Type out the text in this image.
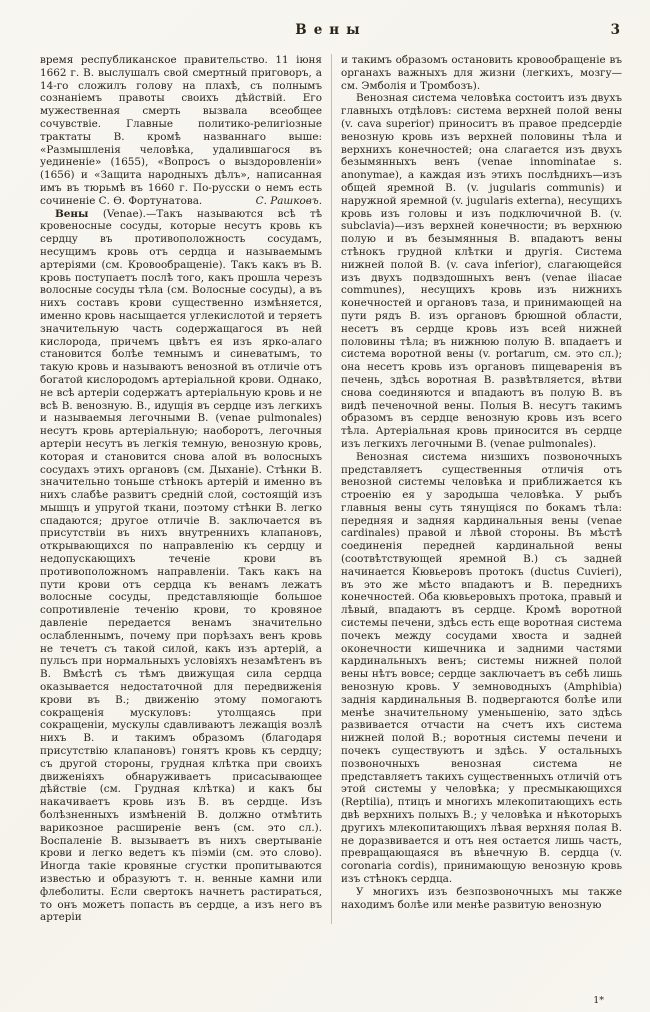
Вены	3

время республиканское правительство. 11 іюня 1662 г. В. выслушалъ свой смертный приговоръ, а 14-го сложилъ голову на плахѣ, съ полнымъ сознаніемъ правоты своихъ дѣйствій. Его мужественная смерть вызвала всеобщее сочувствіе. Главные политико-религіозные трактаты В. кромѣ названнаго выше: «Размышленія человѣка, удалившагося въ уединеніе» (1655), «Вопросъ о выздоровленіи» (1656) и «Защита народныхъ дѣлъ», написанная имъ въ тюрьмѣ въ 1660 г. По-русски о немъ есть сочиненіе С. Ѳ. Фортунатова.	С. Рашковъ.

Вены (Venae).—Такъ называются всѣ тѣ кровеносные сосуды, которые несутъ кровь къ сердцу въ противоположность сосудамъ, несущимъ кровь отъ сердца и называемымъ артеріями (см. Кровообращеніе). Такъ какъ въ В. кровь поступаетъ послѣ того, какъ прошла черезъ волосные сосуды тѣла (см. Волосные сосуды), а въ нихъ составъ крови существенно измѣняется, именно кровь насыщается углекислотой и теряетъ значительную часть содержащагося въ ней кислорода, причемъ цвѣтъ ея изъ ярко-алаго становится болѣе темнымъ и синеватымъ, то такую кровь и называютъ венозной въ отличіе отъ богатой кислородомъ артеріальной крови. Однако, не всѣ артеріи содержатъ артеріальную кровь и не всѣ В. венозную. В., идущія въ сердце изъ легкихъ и называемыя легочными В. (venae pulmonales) несутъ кровь артеріальную; наоборотъ, легочныя артеріи несутъ въ легкія темную, венозную кровь, которая и становится снова алой въ волосныхъ сосудахъ этихъ органовъ (см. Дыханіе). Стѣнки В. значительно тоньше стѣнокъ артерій и именно въ нихъ слабѣе развитъ средній слой, состоящій изъ мышцъ и упругой ткани, поэтому стѣнки В. легко спадаются; другое отличіе В. заключается въ присутствіи въ нихъ внутреннихъ клапановъ, открывающихся по направленію къ сердцу и недопускающихъ теченіе крови въ противоположномъ направленіи. Такъ какъ на пути крови отъ сердца къ венамъ лежатъ волосные сосуды, представляющіе большое сопротивленіе теченію крови, то кровяное давленіе передается венамъ значительно ослабленнымъ, почему при порѣзахъ венъ кровь не течетъ съ такой силой, какъ изъ артерій, а пульсъ при нормальныхъ условіяхъ незамѣтенъ въ В. Вмѣстѣ съ тѣмъ движущая сила сердца оказывается недостаточной для передвиженія крови въ В.; движенію этому помогаютъ сокращенія мускуловъ: утолщаясь при сокращеніи, мускулы сдавливаютъ лежащія возлѣ нихъ В. и такимъ образомъ (благодаря присутствію клапановъ) гонятъ кровь къ сердцу; съ другой стороны, грудная клѣтка при своихъ движеніяхъ обнаруживаетъ присасывающее дѣйствіе (см. Грудная клѣтка) и какъ бы накачиваетъ кровь изъ В. въ сердце. Изъ болѣзненныхъ измѣненій В. должно отмѣтить варикозное расширеніе венъ (см. это сл.). Воспаленіе В. вызываетъ въ нихъ свертываніе крови и легко ведетъ къ піэміи (см. это слово). Иногда такіе кровяные сгустки пропитываются известью и образуютъ т. н. венные камни или флеболиты. Если свертокъ начнетъ растираться, то онъ можетъ попасть въ сердце, а изъ него въ артеріи

и такимъ образомъ остановить кровообращеніе въ органахъ важныхъ для жизни (легкихъ, мозгу—см. Эмболія и Тромбозъ).

Венозная система человѣка состоитъ изъ двухъ главныхъ отдѣловъ: система верхней полой вены (v. cava superior) приноситъ въ правое предсердіе венозную кровь изъ верхней половины тѣла и верхнихъ конечностей; она слагается изъ двухъ безымянныхъ венъ (venae innominatae s. anonymae), а каждая изъ этихъ послѣднихъ—изъ общей яремной В. (v. jugularis communis) и наружной яремной (v. jugularis externa), несущихъ кровь изъ головы и изъ подключичной В. (v. subclavia)—изъ верхней конечности; въ верхнюю полую и въ безымянныя В. впадаютъ вены стѣнокъ грудной клѣтки и другія. Система нижней полой В. (v. cava inferior), слагающейся изъ двухъ подвздошныхъ венъ (venae iliacae communes), несущихъ кровь изъ нижнихъ конечностей и органовъ таза, и принимающей на пути рядъ В. изъ органовъ брюшной области, несетъ въ сердце кровь изъ всей нижней половины тѣла; въ нижнюю полую В. впадаетъ и система воротной вены (v. portarum, см. это сл.); она несетъ кровь изъ органовъ пищеваренія въ печень, здѣсь воротная В. развѣтвляется, вѣтви снова соединяются и впадаютъ въ полую В. въ видѣ печеночной вены. Полыя В. несутъ такимъ образомъ въ сердце венозную кровь изъ всего тѣла. Артеріальная кровь приносится въ сердце изъ легкихъ легочными В. (venae pulmonales).

Венозная система низшихъ позвоночныхъ представляетъ существенныя отличія отъ венозной системы человѣка и приближается къ строенію ея у зародыша человѣка. У рыбъ главныя вены суть тянущіяся по бокамъ тѣла: передняя и задняя кардинальныя вены (venae cardinales) правой и лѣвой стороны. Въ мѣстѣ соединенія передней кардинальной вены (соотвѣтствующей яремной В.) съ задней начинается Кювьеровъ протокъ (ductus Cuvieri), въ это же мѣсто впадаютъ и В. переднихъ конечностей. Оба кювьеровыхъ протока, правый и лѣвый, впадаютъ въ сердце. Кромѣ воротной системы печени, здѣсь есть еще воротная система почекъ между сосудами хвоста и задней оконечности кишечника и задними частями кардинальныхъ венъ; системы нижней полой вены нѣтъ вовсе; сердце заключаетъ въ себѣ лишь венозную кровь. У земноводныхъ (Amphibia) заднія кардинальныя В. подвергаются болѣе или менѣе значительному уменьшенію, зато здѣсь развивается отчасти на счетъ ихъ система нижней полой В.; воротныя системы печени и почекъ существуютъ и здѣсь. У остальныхъ позвоночныхъ венозная система не представляетъ такихъ существенныхъ отличій отъ этой системы у человѣка; у пресмыкающихся (Reptilia), птицъ и многихъ млекопитающихъ есть двѣ верхнихъ полыхъ В.; у человѣка и нѣкоторыхъ другихъ млекопитающихъ лѣвая верхняя полая В. не доразвивается и отъ нея остается лишь часть, превращающаяся въ вѣнечную В. сердца (v. coronaria cordis), принимающую венозную кровь изъ стѣнокъ сердца.

У многихъ изъ безпозвоночныхъ мы также находимъ болѣе или менѣе развитую венозную

1*
